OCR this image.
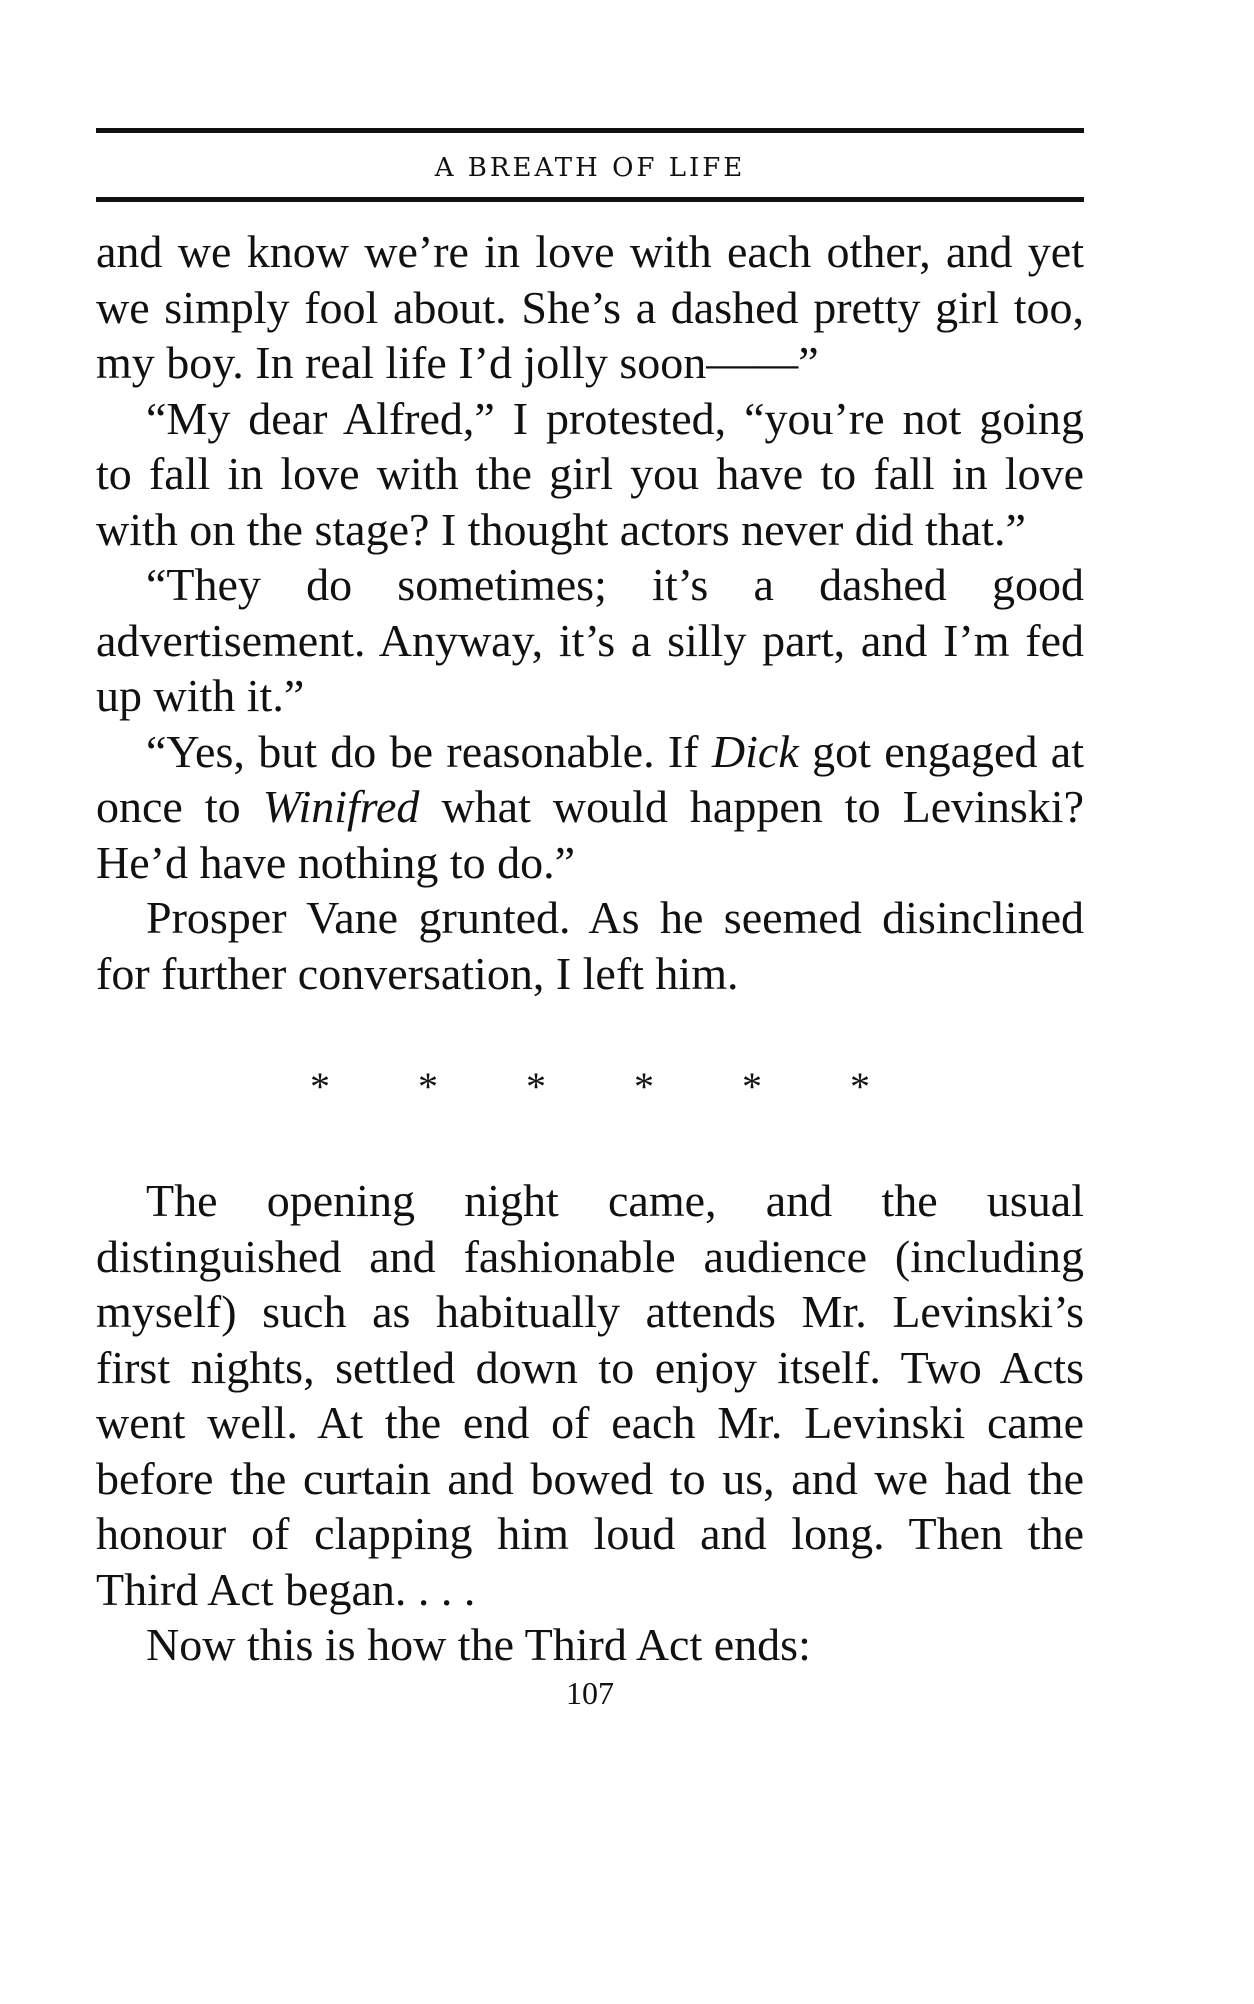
A BREATH OF LIFE

and we know we’re in love with each other, and yet we simply fool about. She’s a dashed pretty girl too, my boy. In real life I’d jolly soon——”

“My dear Alfred,” I protested, “you’re not going to fall in love with the girl you have to fall in love with on the stage? I thought actors never did that.”

“They do sometimes; it’s a dashed good advertisement. Anyway, it’s a silly part, and I’m fed up with it.”

“Yes, but do be reasonable. If Dick got engaged at once to Winifred what would happen to Levinski? He’d have nothing to do.”

Prosper Vane grunted. As he seemed disinclined for further conversation, I left him.

* * * * * *

The opening night came, and the usual distinguished and fashionable audience (including myself) such as habitually attends Mr. Levinski’s first nights, settled down to enjoy itself. Two Acts went well. At the end of each Mr. Levinski came before the curtain and bowed to us, and we had the honour of clapping him loud and long. Then the Third Act began. . . .

Now this is how the Third Act ends:

107
